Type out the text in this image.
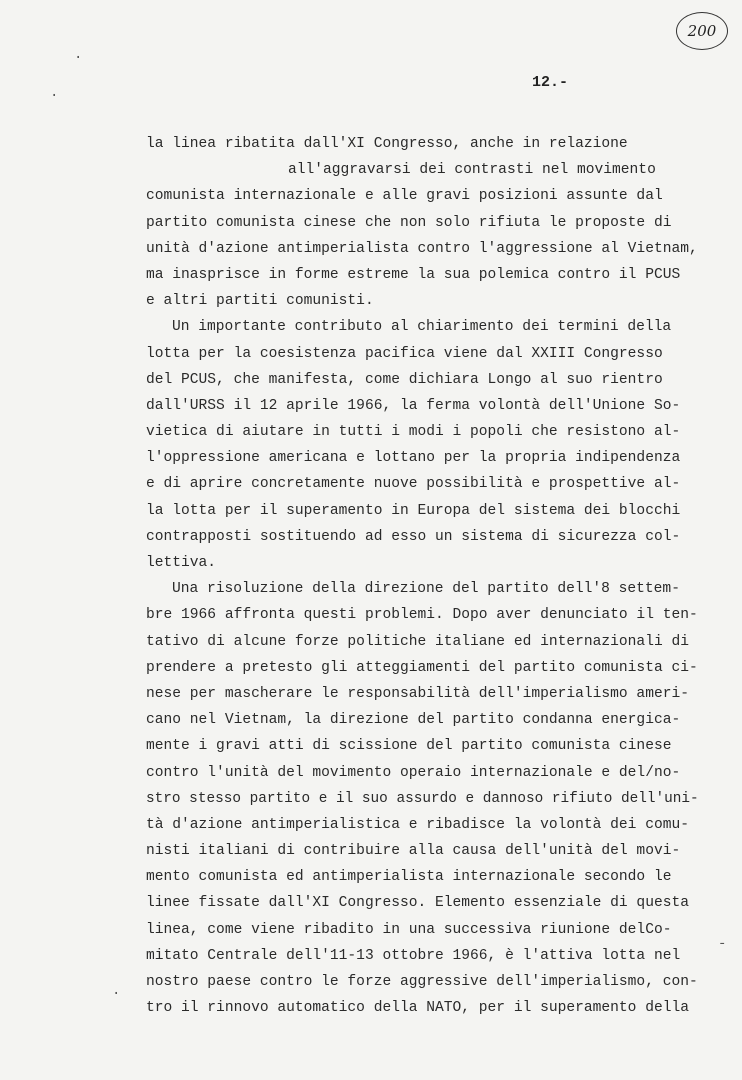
200
12.-
·
·
-
·
la linea ribatita dall'XI Congresso, anche in relazione
all'aggravarsi dei contrasti nel movimento
comunista internazionale e alle gravi posizioni assunte dal
partito comunista cinese che non solo rifiuta le proposte di
unità d'azione antimperialista contro l'aggressione al Vietnam,
ma inasprisce in forme estreme la sua polemica contro il PCUS
e altri partiti comunisti.
Un importante contributo al chiarimento dei termini della
lotta per la coesistenza pacifica viene dal XXIII Congresso
del PCUS, che manifesta, come dichiara Longo al suo rientro
dall'URSS il 12 aprile 1966, la ferma volontà dell'Unione So-
vietica di aiutare in tutti i modi i popoli che resistono al-
l'oppressione americana e lottano per la propria indipendenza
e di aprire concretamente nuove possibilità e prospettive al-
la lotta per il superamento in Europa del sistema dei blocchi
contrapposti sostituendo ad esso un sistema di sicurezza col-
lettiva.
Una risoluzione della direzione del partito dell'8 settem-
bre 1966 affronta questi problemi. Dopo aver denunciato il ten-
tativo di alcune forze politiche italiane ed internazionali di
prendere a pretesto gli atteggiamenti del partito comunista ci-
nese per mascherare le responsabilità dell'imperialismo ameri-
cano nel Vietnam, la direzione del partito condanna energica-
mente i gravi atti di scissione del partito comunista cinese
contro l'unità del movimento operaio internazionale e del/no-
stro stesso partito e il suo assurdo e dannoso rifiuto dell'uni-
tà d'azione antimperialistica e ribadisce la volontà dei comu-
nisti italiani di contribuire alla causa dell'unità del movi-
mento comunista ed antimperialista internazionale secondo le
linee fissate dall'XI Congresso. Elemento essenziale di questa
linea, come viene ribadito in una successiva riunione delCo-
mitato Centrale dell'11-13 ottobre 1966, è l'attiva lotta nel
nostro paese contro le forze aggressive dell'imperialismo, con-
tro il rinnovo automatico della NATO, per il superamento della
